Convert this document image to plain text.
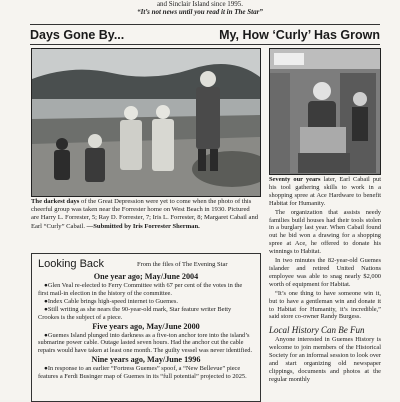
and Sinclair Island since 1995.
“It’s not news until you read it in The Star”
Days Gone By...	My, How ‘Curly’ Has Grown
The darkest days of the Great Depression were yet to come when the photo of this cheerful group was taken near the Forrester home on West Beach in 1930. Pictured are Harry L. Forrester, 5; Ray D. Forrester, 7; Iris L. Forrester, 8; Margaret Cabail and Earl “Curly” Cabail. —Submitted by Iris Forrester Sherman.
Looking Back	From the files of The Evening Star
One year ago; May/June 2004

●Glen Veal re-elected to Ferry Committee with 67 per cent of the votes in the first mail-in election in the history of the committee.

●Index Cable brings high-speed internet to Guemes.

●Still writing as she nears the 90-year-old mark, Star feature writer Betty Crookes is the subject of a piece.

Five years ago, May/June 2000

●Guemes Island plunged into darkness as a five-ton anchor tore into the island’s submarine power cable. Outage lasted seven hours. Had the anchor cut the cable repairs would have taken at least one month. The guilty vessel was never identified.

Nine years ago, May/June 1996

●In response to an earlier “Fortress Guemes” spoof, a “New Bellevue” piece features a Ferdi Businger map of Guemes in its “full potential” projected to 2025.

Seventy our years later, Earl Cabail put his tool gathering skills to work in a shopping spree at Ace Hardware to benefit Habitat for Humanity.

The organization that assists needy families build houses had their tools stolen in a burglary last year. When Cabail found out he bid won a drawing for a shopping spree at Ace, he offered to donate his winnings to Habitat.

In two minutes the 82-year-old Guemes islander and retired United Nations employee was able to snag nearly $2,000 worth of equipment for Habitat.

“It’s one thing to have someone win it, but to have a gentleman win and donate it to Habitat for Humanity, it’s incredible,” said store co-owner Randy Burgess.

Local History Can Be Fun

Anyone interested in Guemes History is welcome to join members of the Historical Society for an informal session to look over and start organizing old newspaper clippings, documents and photos at the regular monthly
